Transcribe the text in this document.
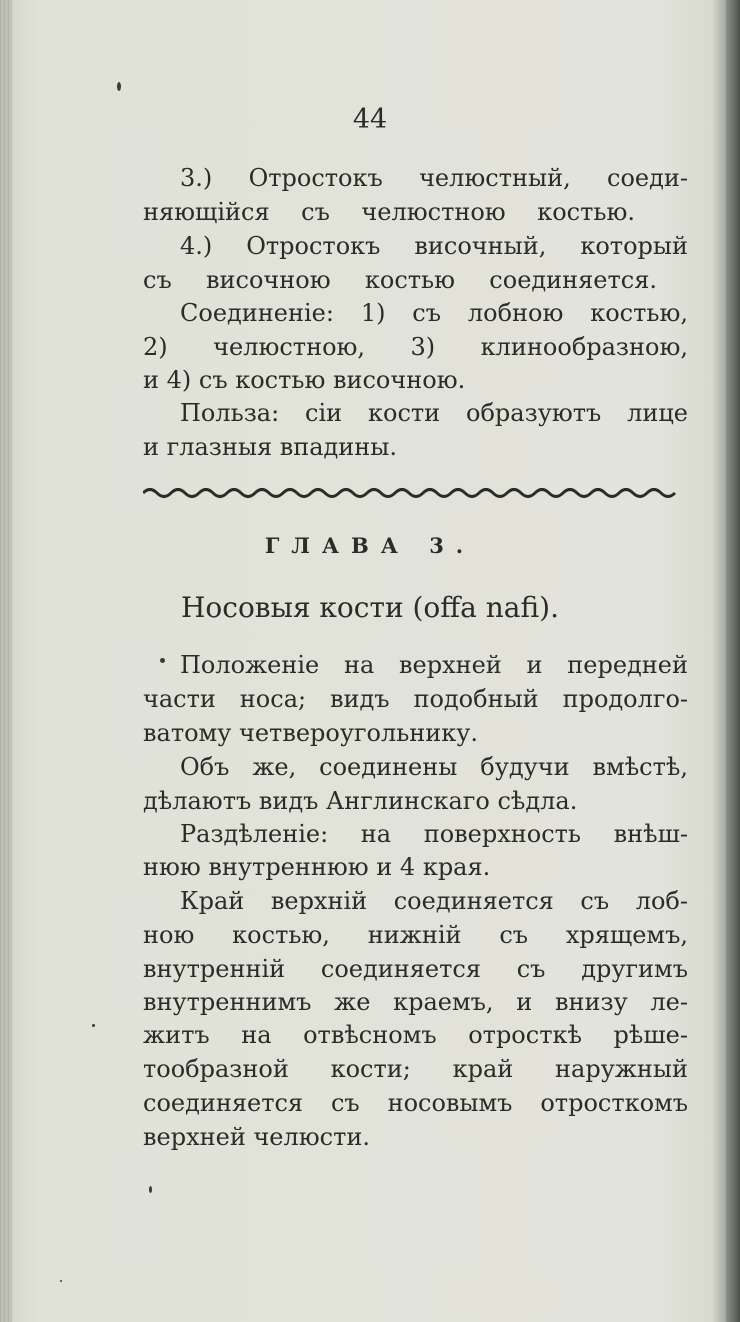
44
3.) Отростокъ челюстный, соеди-
няющійся съ челюстною костью.
4.) Отростокъ височный, который
съ височною костью соединяется.
Соединеніе: 1) съ лобною костью,
2) челюстною, 3) клинообразною,
и 4) съ костью височною.
Польза: сіи кости образуютъ лице
и глазныя впадины.
ГЛАВА 3.
Носовыя кости (offa nafi).
Положеніе на верхней и передней
части носа; видъ подобный продолго-
ватому четвероугольнику.
Объ же, соединены будучи вмѣстѣ,
дѣлаютъ видъ Англинскаго сѣдла.
Раздѣленіе: на поверхность внѣш-
нюю внутреннюю и 4 края.
Край верхній соединяется съ лоб-
ною костью, нижній съ хрящемъ,
внутренній соединяется съ другимъ
внутреннимъ же краемъ, и внизу ле-
житъ на отвѣсномъ отросткѣ рѣше-
тообразной кости; край наружный
соединяется съ носовымъ отросткомъ
верхней челюсти.
